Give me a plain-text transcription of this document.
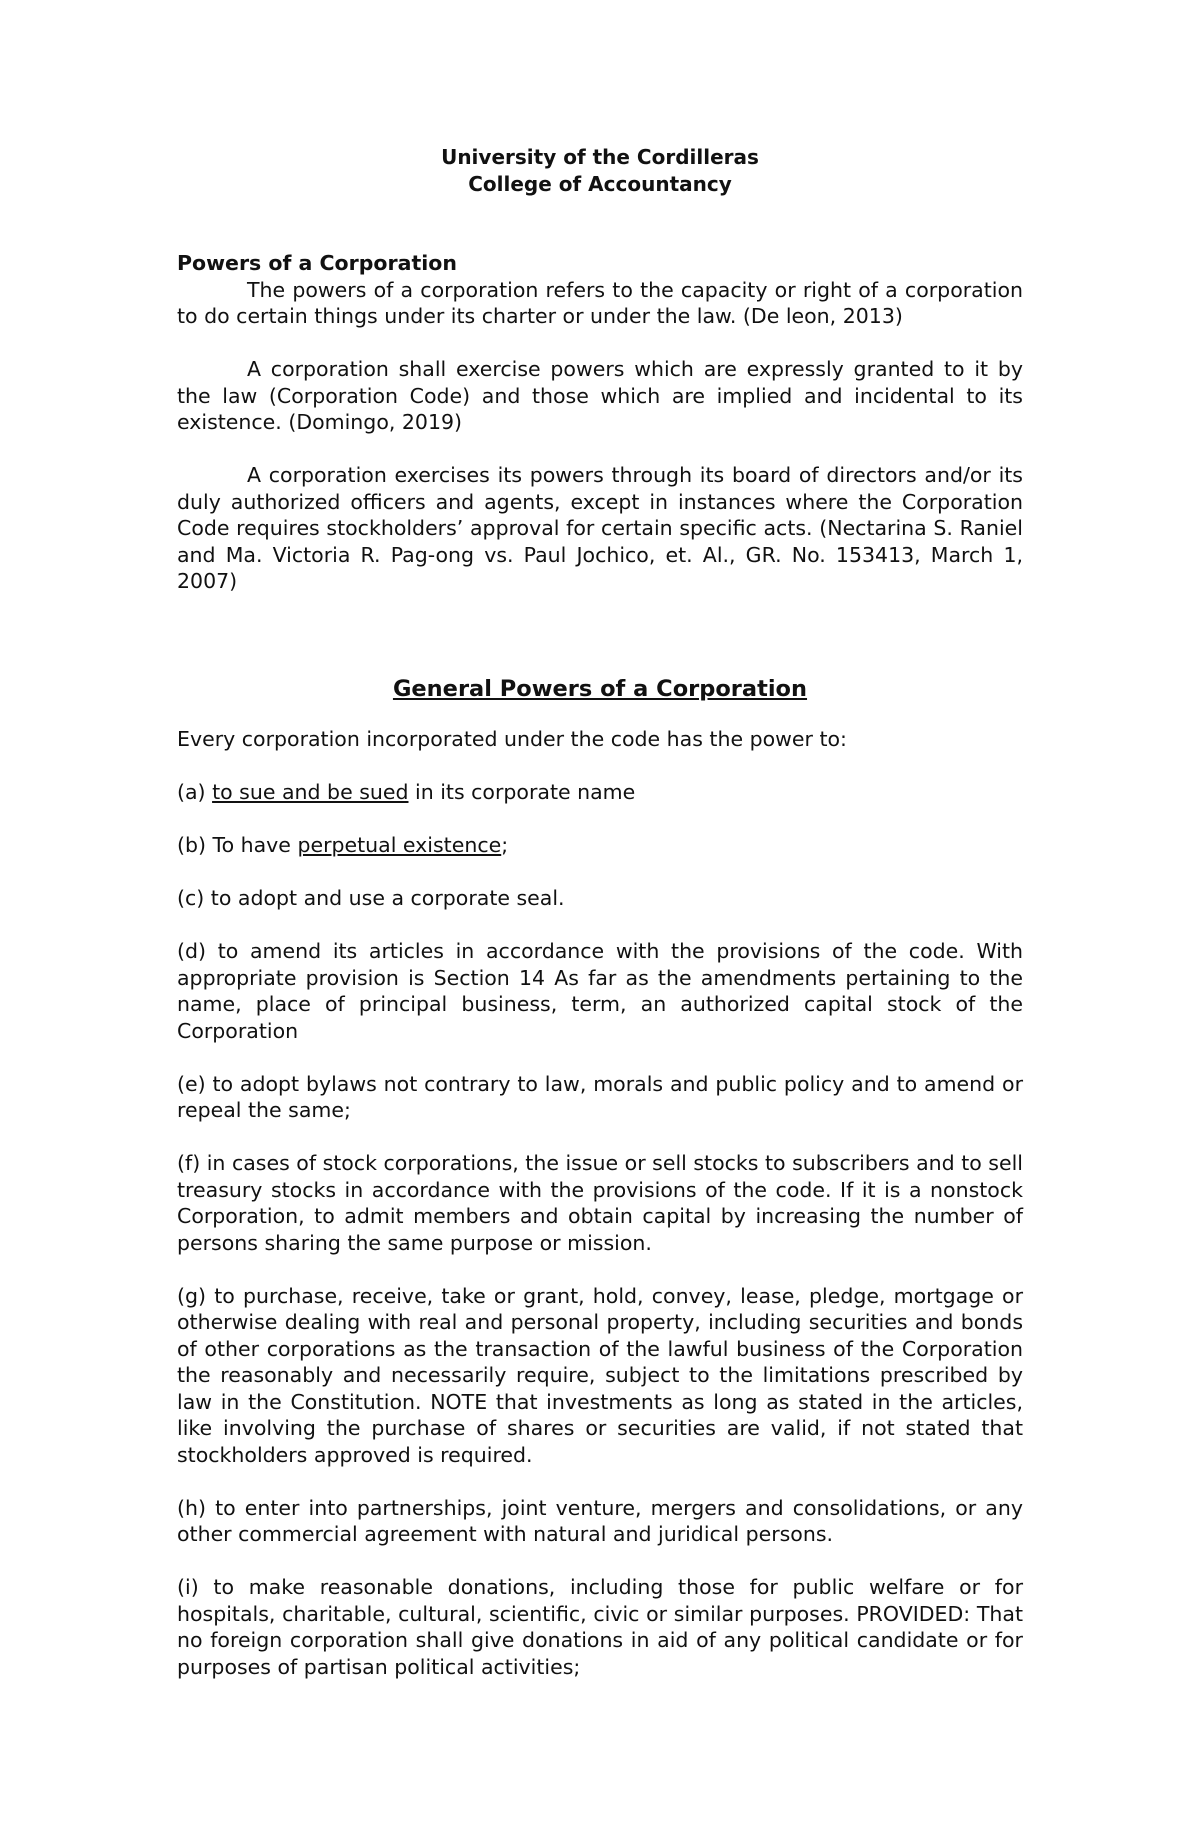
University of the Cordilleras
College of Accountancy

Powers of a Corporation

The powers of a corporation refers to the capacity or right of a corporation to do certain things under its charter or under the law. (De leon, 2013)

A corporation shall exercise powers which are expressly granted to it by the law (Corporation Code) and those which are implied and incidental to its existence. (Domingo, 2019)

A corporation exercises its powers through its board of directors and/or its duly authorized officers and agents, except in instances where the Corporation Code requires stockholders’ approval for certain specific acts. (Nectarina S. Raniel and Ma. Victoria R. Pag-ong vs. Paul Jochico, et. Al., GR. No. 153413, March 1, 2007)

General Powers of a Corporation

Every corporation incorporated under the code has the power to:

(a) to sue and be sued in its corporate name

(b) To have perpetual existence;

(c) to adopt and use a corporate seal.

(d) to amend its articles in accordance with the provisions of the code. With appropriate provision is Section 14 As far as the amendments pertaining to the name, place of principal business, term, an authorized capital stock of the Corporation

(e) to adopt bylaws not contrary to law, morals and public policy and to amend or repeal the same;

(f) in cases of stock corporations, the issue or sell stocks to subscribers and to sell treasury stocks in accordance with the provisions of the code. If it is a nonstock Corporation, to admit members and obtain capital by increasing the number of persons sharing the same purpose or mission.

(g) to purchase, receive, take or grant, hold, convey, lease, pledge, mortgage or otherwise dealing with real and personal property, including securities and bonds of other corporations as the transaction of the lawful business of the Corporation the reasonably and necessarily require, subject to the limitations prescribed by law in the Constitution. NOTE that investments as long as stated in the articles, like involving the purchase of shares or securities are valid, if not stated that stockholders approved is required.

(h) to enter into partnerships, joint venture, mergers and consolidations, or any other commercial agreement with natural and juridical persons.

(i) to make reasonable donations, including those for public welfare or for hospitals, charitable, cultural, scientific, civic or similar purposes. PROVIDED: That no foreign corporation shall give donations in aid of any political candidate or for purposes of partisan political activities;
